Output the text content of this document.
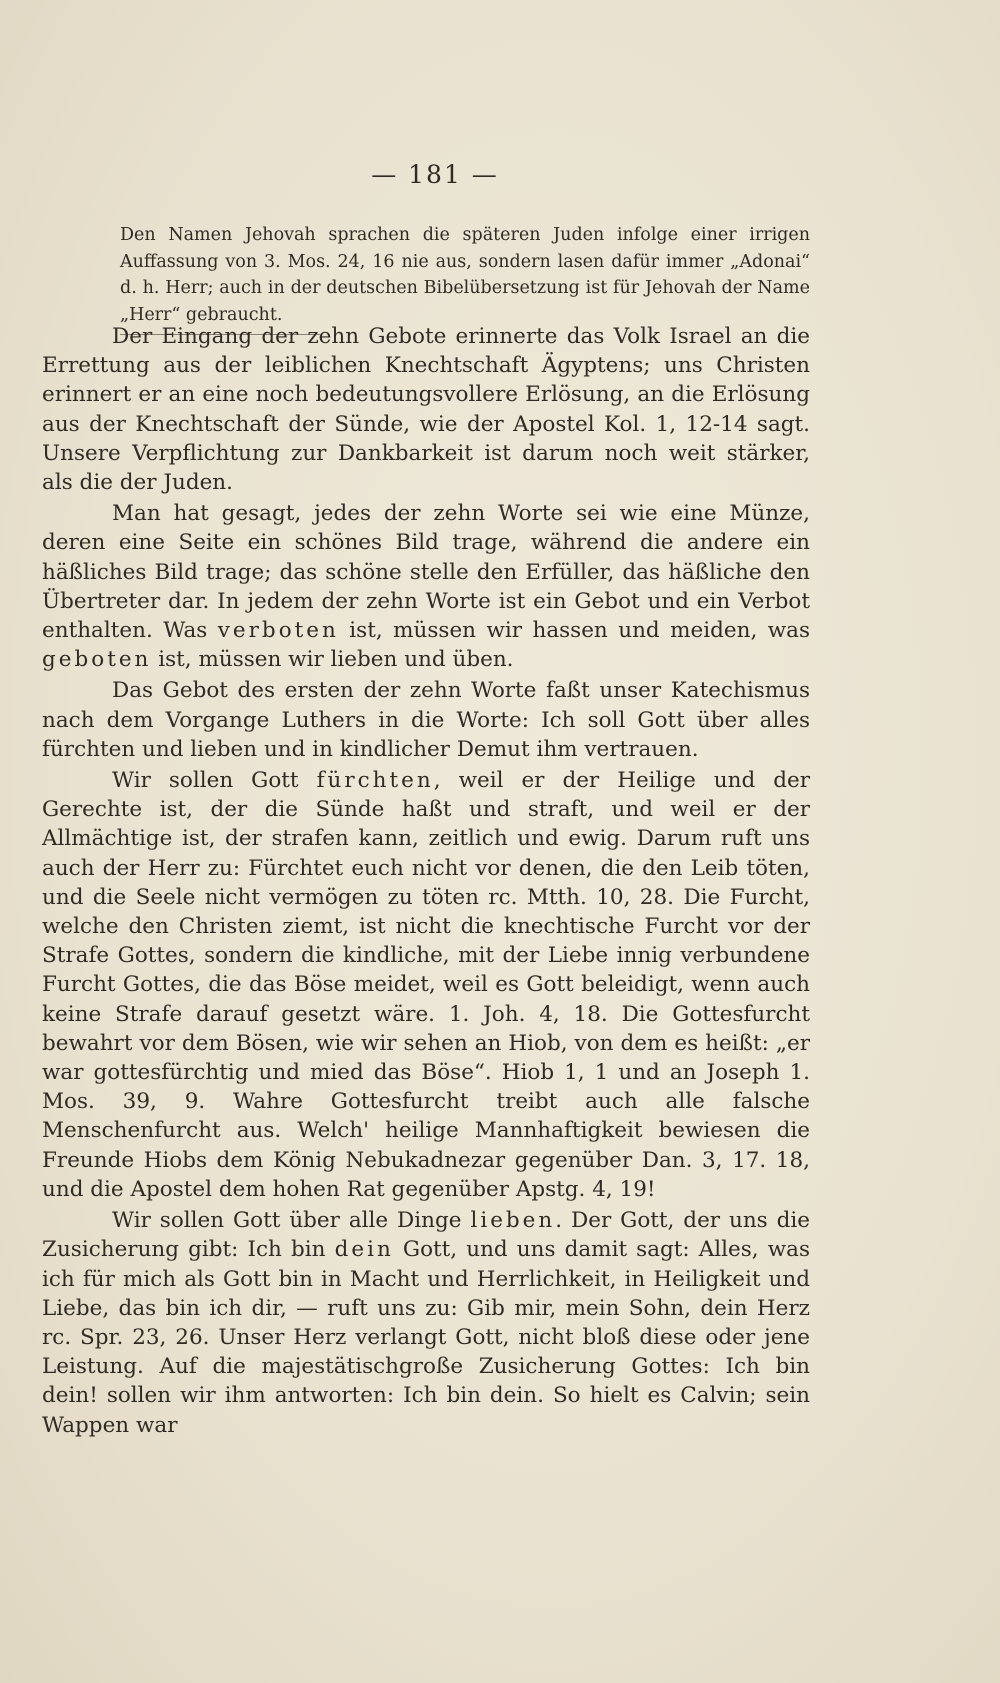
— 181 —
Den Namen Jehovah sprachen die späteren Juden infolge einer irrigen Auffassung von 3. Mos. 24, 16 nie aus, sondern lasen dafür immer „Adonai“ d. h. Herr; auch in der deutschen Bibelübersetzung ist für Jehovah der Name „Herr“ gebraucht.

Der Eingang der zehn Gebote erinnerte das Volk Israel an die Errettung aus der leiblichen Knechtschaft Ägyptens; uns Christen erinnert er an eine noch bedeutungsvollere Erlösung, an die Erlösung aus der Knechtschaft der Sünde, wie der Apostel Kol. 1, 12-14 sagt. Unsere Verpflichtung zur Dankbarkeit ist darum noch weit stärker, als die der Juden.

Man hat gesagt, jedes der zehn Worte sei wie eine Münze, deren eine Seite ein schönes Bild trage, während die andere ein häßliches Bild trage; das schöne stelle den Erfüller, das häßliche den Übertreter dar. In jedem der zehn Worte ist ein Gebot und ein Verbot enthalten. Was verboten ist, müssen wir hassen und meiden, was geboten ist, müssen wir lieben und üben.

Das Gebot des ersten der zehn Worte faßt unser Katechismus nach dem Vorgange Luthers in die Worte: Ich soll Gott über alles fürchten und lieben und in kindlicher Demut ihm vertrauen.

Wir sollen Gott fürchten, weil er der Heilige und der Gerechte ist, der die Sünde haßt und straft, und weil er der Allmächtige ist, der strafen kann, zeitlich und ewig. Darum ruft uns auch der Herr zu: Fürchtet euch nicht vor denen, die den Leib töten, und die Seele nicht vermögen zu töten rc. Mtth. 10, 28. Die Furcht, welche den Christen ziemt, ist nicht die knechtische Furcht vor der Strafe Gottes, sondern die kindliche, mit der Liebe innig verbundene Furcht Gottes, die das Böse meidet, weil es Gott beleidigt, wenn auch keine Strafe darauf gesetzt wäre. 1. Joh. 4, 18. Die Gottesfurcht bewahrt vor dem Bösen, wie wir sehen an Hiob, von dem es heißt: „er war gottesfürchtig und mied das Böse“. Hiob 1, 1 und an Joseph 1. Mos. 39, 9. Wahre Gottesfurcht treibt auch alle falsche Menschenfurcht aus. Welch' heilige Mannhaftigkeit bewiesen die Freunde Hiobs dem König Nebukadnezar gegenüber Dan. 3, 17. 18, und die Apostel dem hohen Rat gegenüber Apstg. 4, 19!

Wir sollen Gott über alle Dinge lieben. Der Gott, der uns die Zusicherung gibt: Ich bin dein Gott, und uns damit sagt: Alles, was ich für mich als Gott bin in Macht und Herrlichkeit, in Heiligkeit und Liebe, das bin ich dir, — ruft uns zu: Gib mir, mein Sohn, dein Herz rc. Spr. 23, 26. Unser Herz verlangt Gott, nicht bloß diese oder jene Leistung. Auf die majestätischgroße Zusicherung Gottes: Ich bin dein! sollen wir ihm antworten: Ich bin dein. So hielt es Calvin; sein Wappen war
